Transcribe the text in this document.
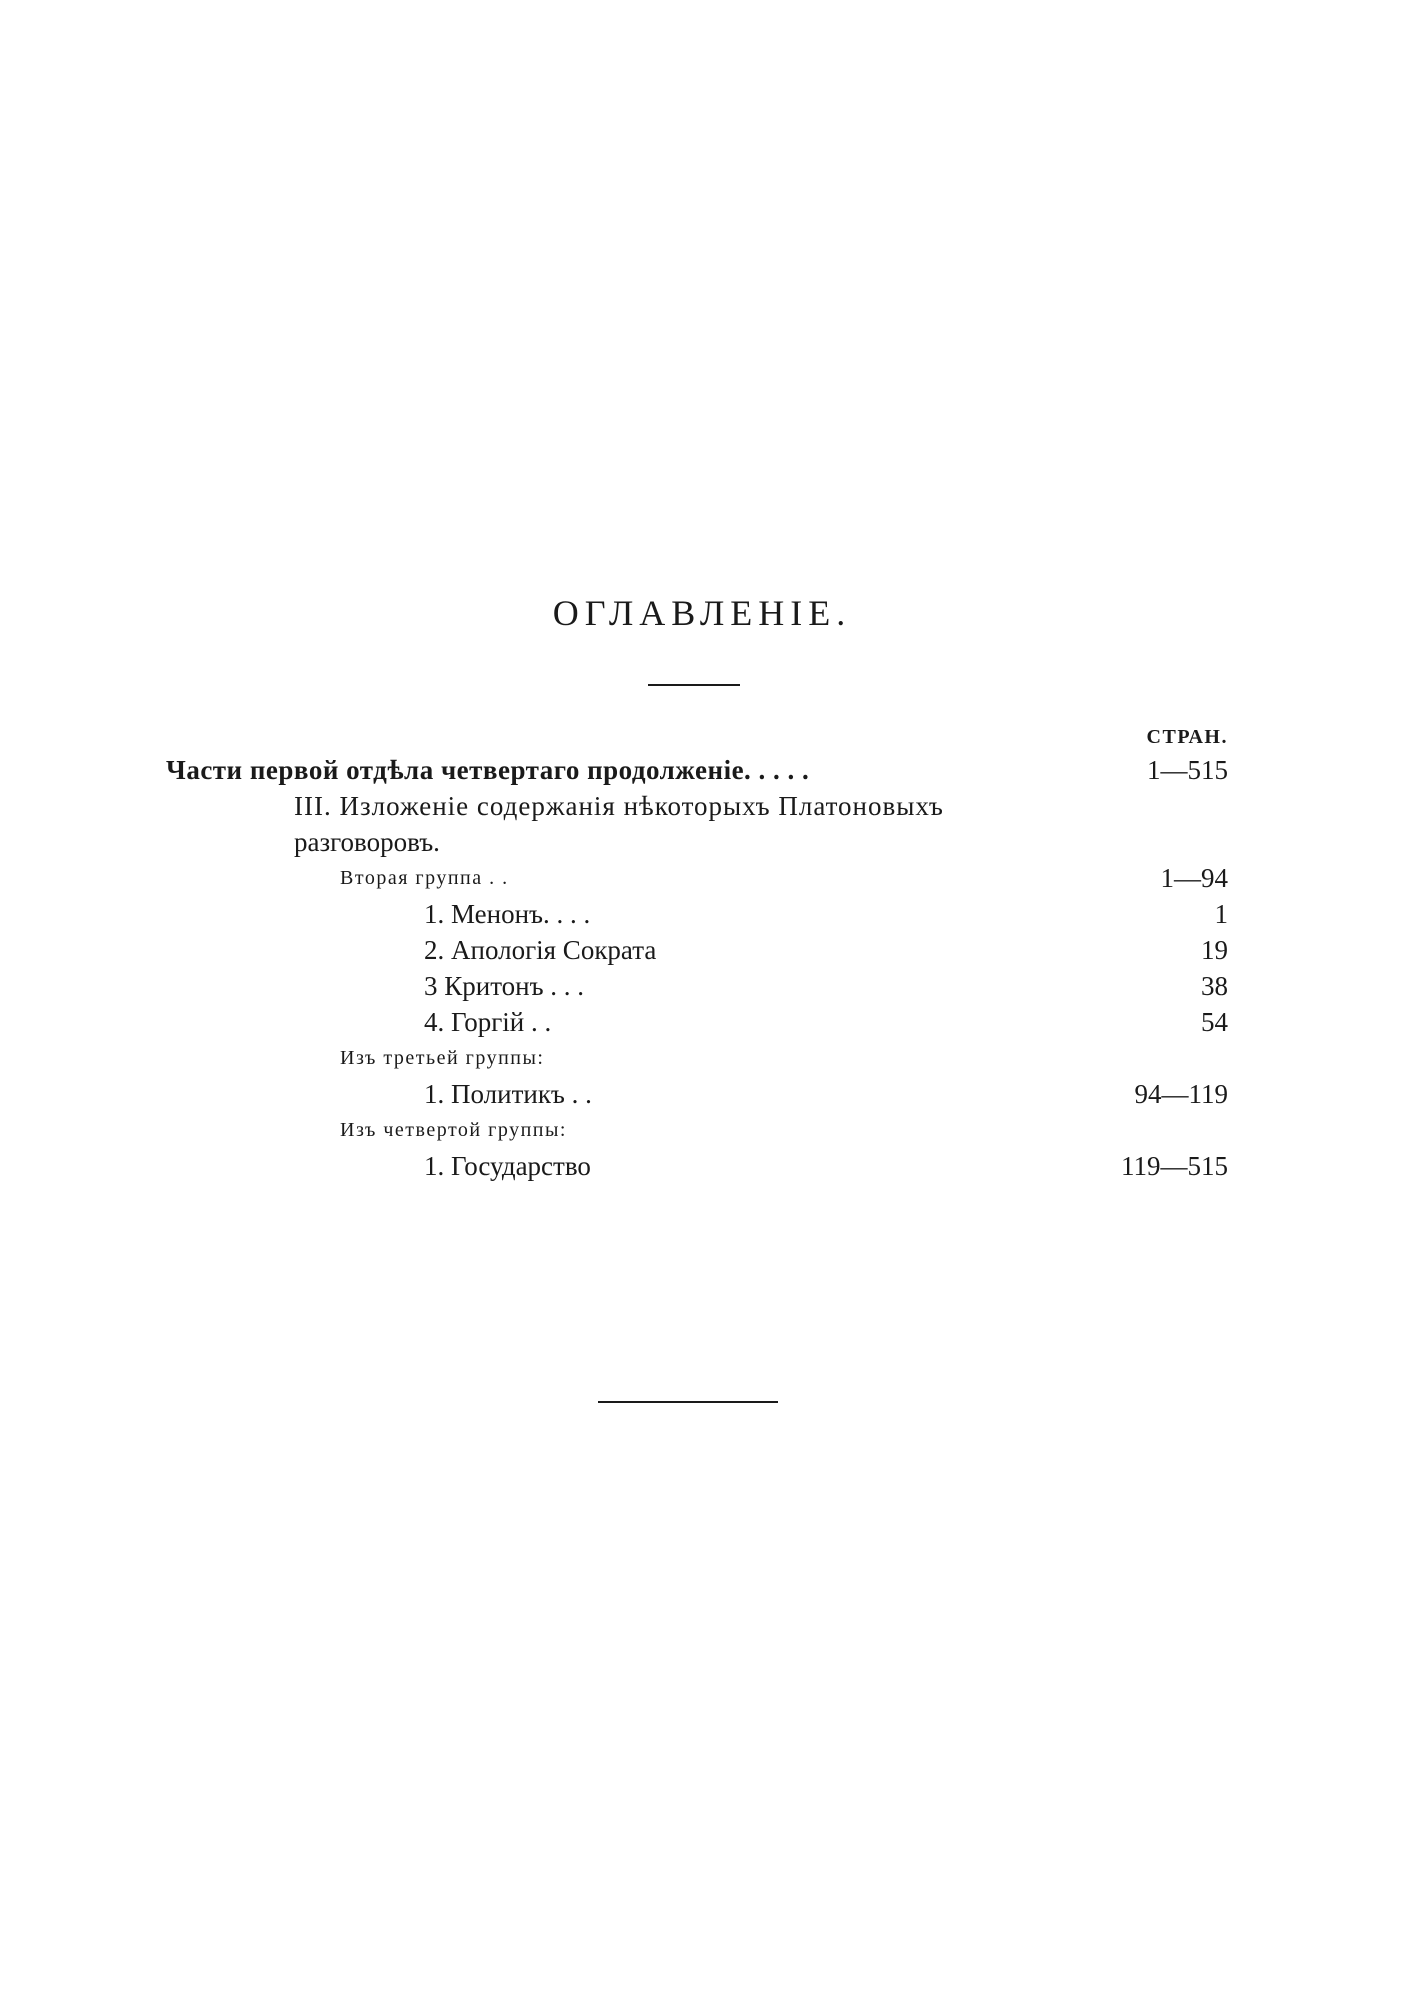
ОГЛАВЛЕНІЕ.
СТРАН.
Части первой отдѣла четвертаго продолженіе. . . . .	1—515
III. Изложеніе содержанія нѣкоторыхъ Платоновыхъ
разговоровъ.
Вторая группа . .	1—94
1. Менонъ. . . .	1
2. Апологія Сократа	19
3 Критонъ . . .	38
4. Горгій . .	54
Изъ третьей группы:
1. Политикъ . .	94—119
Изъ четвертой группы:
1. Государство	119—515
